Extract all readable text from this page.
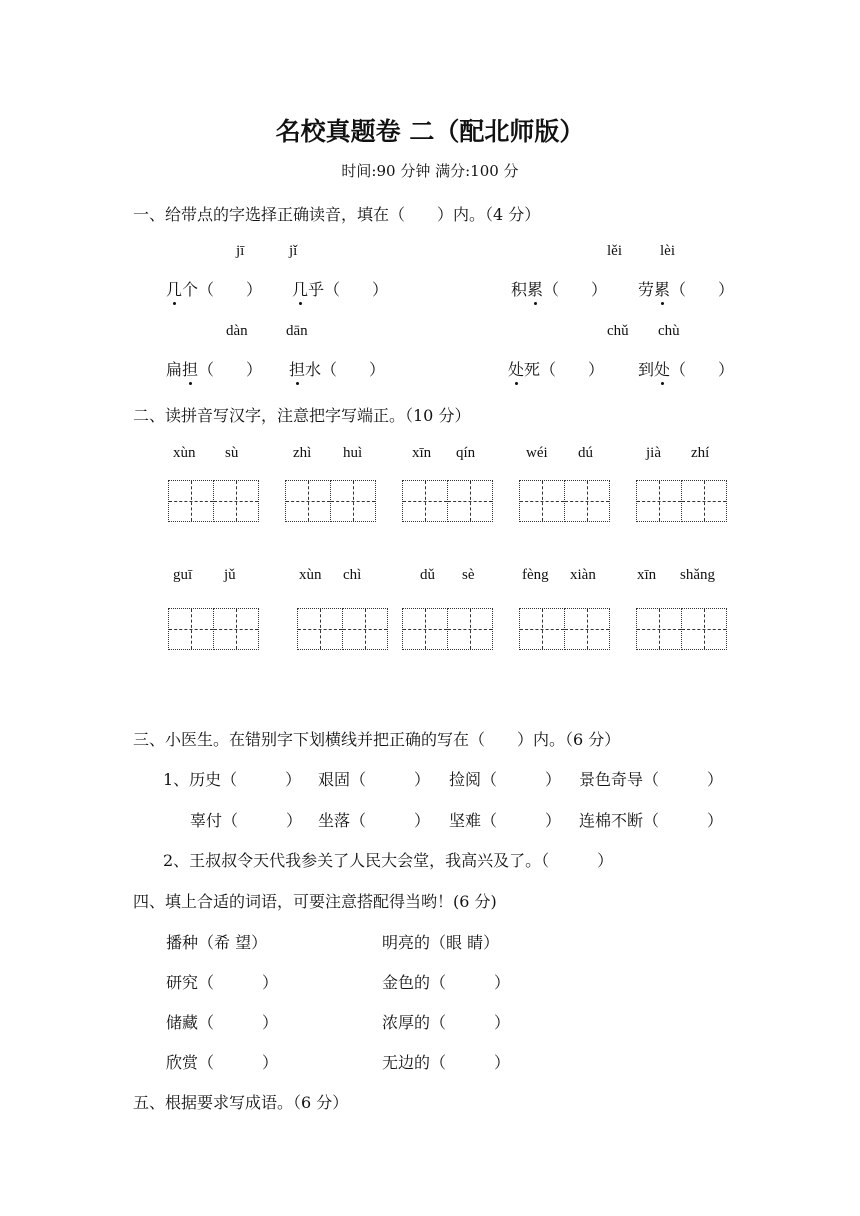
名校真题卷 二（配北师版）
时间:90 分钟 满分:100 分
一、给带点的字选择正确读音，填在（　　）内。（4 分）
jī	jǐ	lěi	lèi
几个（　　） 几乎（　　）	积累（　　） 劳累（　　）
dàn	dān	chǔ chù
扁担（　　） 担水（　　）	处死（　　） 到处（　　）
二、读拼音写汉字，注意把字写端正。（10 分）
xùn sù	zhì huì	xīn qín	wéi dú	jià zhí
guī jǔ	xùn chì	dǔ sè	fèng xiàn	xīn shǎng
三、小医生。在错别字下划横线并把正确的写在（　　）内。（6 分）
1、历史（　　　） 艰固（　　　） 捡阅（　　　） 景色奇导（　　　）
辜付（　　　） 坐落（　　　） 坚难（　　　） 连棉不断（　　　）
2、王叔叔令天代我参关了人民大会堂，我高兴及了。（　　　）
四、填上合适的词语，可要注意搭配得当哟！(6 分)
播种（希 望）	明亮的（眼 睛）
研究（　　　）	金色的（　　　）
储藏（　　　）	浓厚的（　　　）
欣赏（　　　）	无边的（　　　）
五、根据要求写成语。（6 分）
